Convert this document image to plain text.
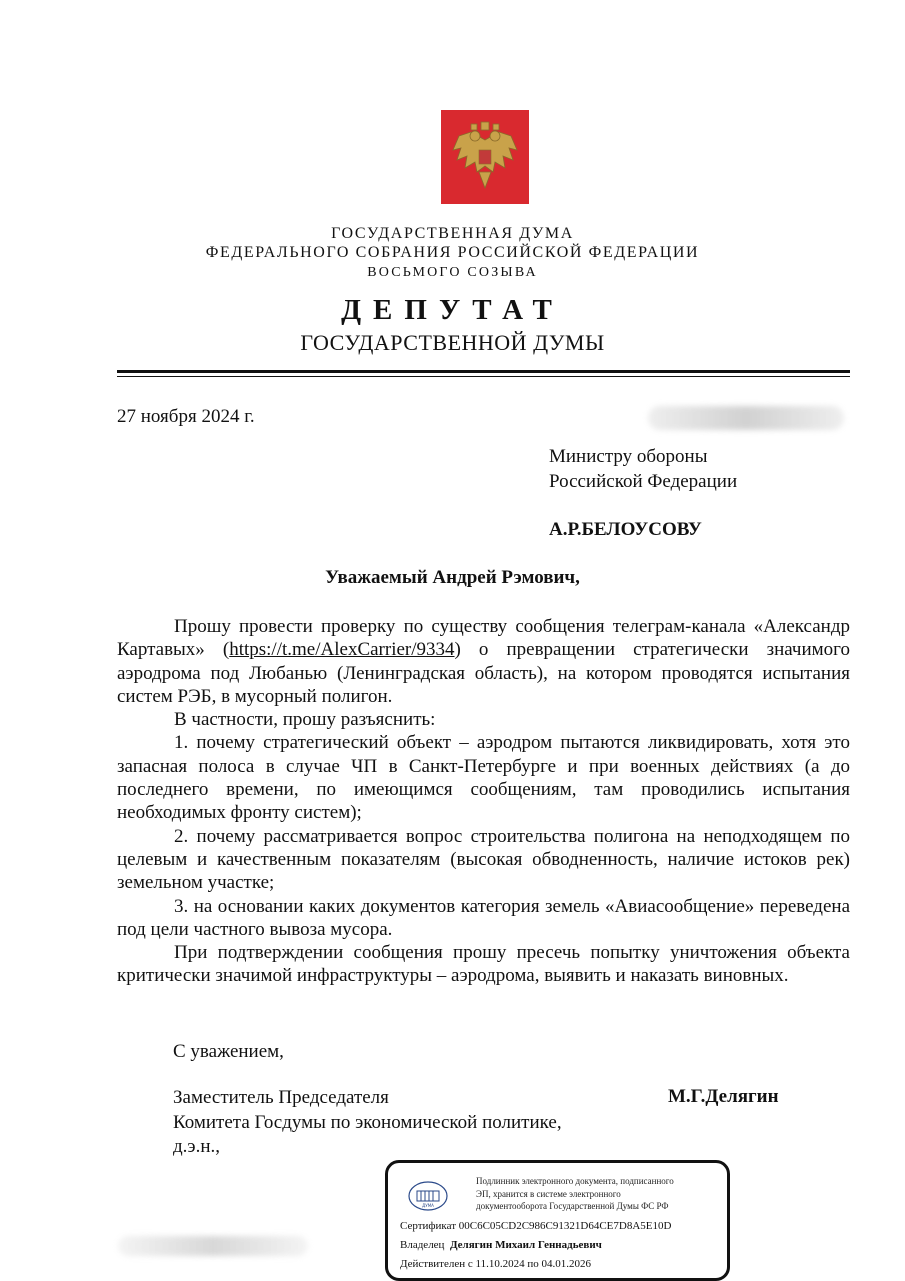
ГОСУДАРСТВЕННАЯ ДУМА
ФЕДЕРАЛЬНОГО СОБРАНИЯ РОССИЙСКОЙ ФЕДЕРАЦИИ
ВОСЬМОГО СОЗЫВА
ДЕПУТАТ
ГОСУДАРСТВЕННОЙ ДУМЫ
27 ноября 2024 г.
Министру обороны
Российской Федерации
А.Р.БЕЛОУСОВУ
Уважаемый Андрей Рэмович,

Прошу провести проверку по существу сообщения телеграм-канала «Александр Картавых» (https://t.me/AlexCarrier/9334) о превращении стратегически значимого аэродрома под Любанью (Ленинградская область), на котором проводятся испытания систем РЭБ, в мусорный полигон.

В частности, прошу разъяснить:

1. почему стратегический объект – аэродром пытаются ликвидировать, хотя это запасная полоса в случае ЧП в Санкт-Петербурге и при военных действиях (а до последнего времени, по имеющимся сообщениям, там проводились испытания необходимых фронту систем);

2. почему рассматривается вопрос строительства полигона на неподходящем по целевым и качественным показателям (высокая обводненность, наличие истоков рек) земельном участке;

3. на основании каких документов категория земель «Авиасообщение» переведена под цели частного вывоза мусора.

При подтверждении сообщения прошу пресечь попытку уничтожения объекта критически значимой инфраструктуры – аэродрома, выявить и наказать виновных.

С уважением,
Заместитель Председателя
Комитета Госдумы по экономической политике,
д.э.н.,
М.Г.Делягин
ДУМА
Подлинник электронного документа, подписанного
ЭП, хранится в системе электронного
документооборота Государственной Думы ФС РФ
Сертификат 00C6C05CD2C986C91321D64CE7D8A5E10D
Владелец Делягин Михаил Геннадьевич
Действителен с 11.10.2024 по 04.01.2026
